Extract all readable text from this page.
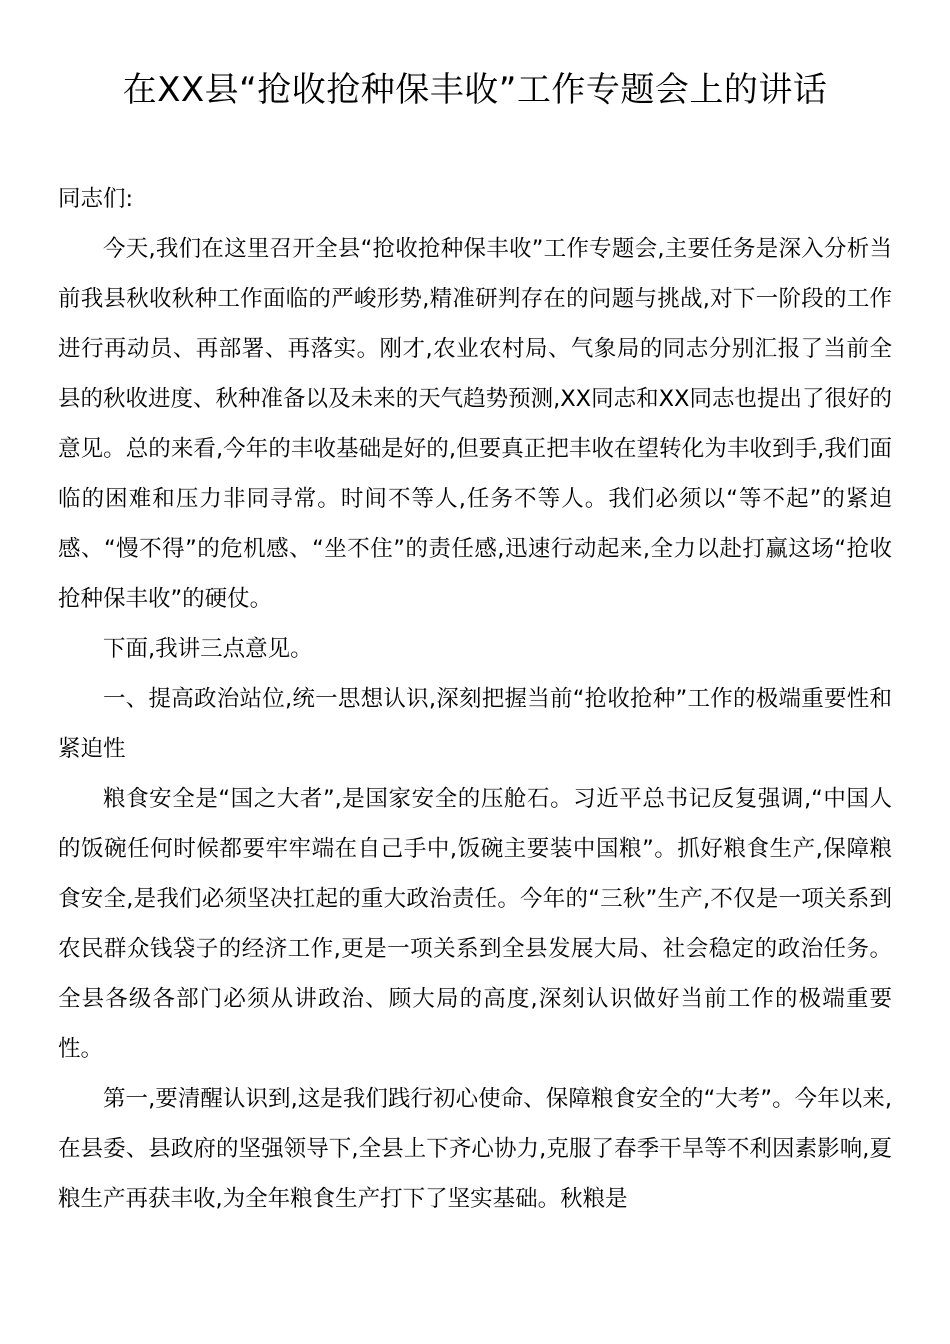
在XX县“抢收抢种保丰收”工作专题会上的讲话

同志们:

今天,我们在这里召开全县“抢收抢种保丰收”工作专题会,主要任务是深入分析当前我县秋收秋种工作面临的严峻形势,精准研判存在的问题与挑战,对下一阶段的工作进行再动员、再部署、再落实。刚才,农业农村局、气象局的同志分别汇报了当前全县的秋收进度、秋种准备以及未来的天气趋势预测,XX同志和XX同志也提出了很好的意见。总的来看,今年的丰收基础是好的,但要真正把丰收在望转化为丰收到手,我们面临的困难和压力非同寻常。时间不等人,任务不等人。我们必须以“等不起”的紧迫感、“慢不得”的危机感、“坐不住”的责任感,迅速行动起来,全力以赴打赢这场“抢收抢种保丰收”的硬仗。

下面,我讲三点意见。

一、提高政治站位,统一思想认识,深刻把握当前“抢收抢种”工作的极端重要性和紧迫性

粮食安全是“国之大者”,是国家安全的压舱石。习近平总书记反复强调,“中国人的饭碗任何时候都要牢牢端在自己手中,饭碗主要装中国粮”。抓好粮食生产,保障粮食安全,是我们必须坚决扛起的重大政治责任。今年的“三秋”生产,不仅是一项关系到农民群众钱袋子的经济工作,更是一项关系到全县发展大局、社会稳定的政治任务。全县各级各部门必须从讲政治、顾大局的高度,深刻认识做好当前工作的极端重要性。

第一,要清醒认识到,这是我们践行初心使命、保障粮食安全的“大考”。今年以来,在县委、县政府的坚强领导下,全县上下齐心协力,克服了春季干旱等不利因素影响,夏粮生产再获丰收,为全年粮食生产打下了坚实基础。秋粮是
